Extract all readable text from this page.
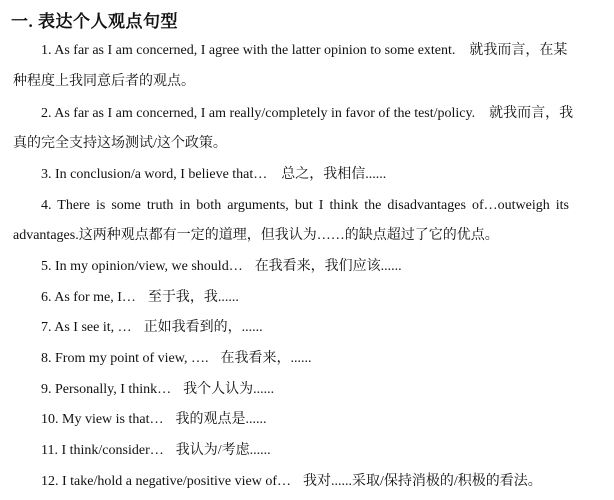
一. 表达个人观点句型
1. As far as I am concerned, I agree with the latter opinion to some extent. 就我而言，在某
种程度上我同意后者的观点。
2. As far as I am concerned, I am really/completely in favor of the test/policy. 就我而言，我
真的完全支持这场测试/这个政策。
3. In conclusion/a word, I believe that… 总之，我相信......
4. There is some truth in both arguments, but I think the disadvantages of…outweigh its
advantages.这两种观点都有一定的道理，但我认为……的缺点超过了它的优点。
5. In my opinion/view, we should… 在我看来，我们应该......
6. As for me, I… 至于我，我......
7. As I see it, … 正如我看到的，......
8. From my point of view, …. 在我看来，......
9. Personally, I think… 我个人认为......
10. My view is that… 我的观点是......
11. I think/consider… 我认为/考虑......
12. I take/hold a negative/positive view of… 我对......采取/保持消极的/积极的看法。
